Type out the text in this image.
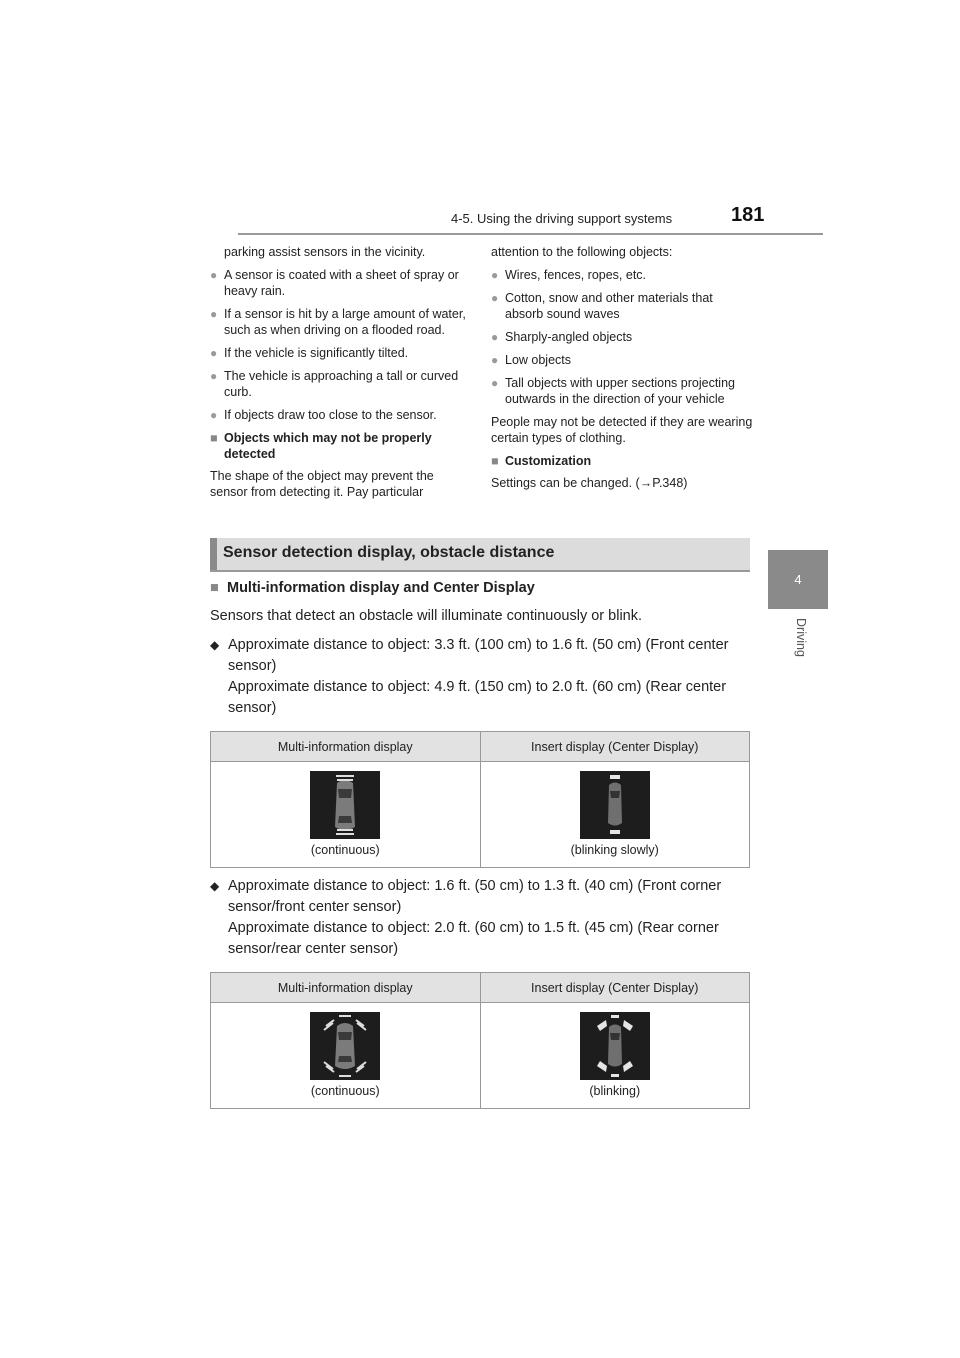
4-5. Using the driving support systems	181
4
Driving

parking assist sensors in the vicinity.

● A sensor is coated with a sheet of spray or heavy rain.
● If a sensor is hit by a large amount of water, such as when driving on a flooded road.
● If the vehicle is significantly tilted.
● The vehicle is approaching a tall or curved curb.
● If objects draw too close to the sensor.
■ Objects which may not be properly detected

The shape of the object may prevent the sensor from detecting it. Pay particular

attention to the following objects:

● Wires, fences, ropes, etc.
● Cotton, snow and other materials that absorb sound waves
● Sharply-angled objects
● Low objects
● Tall objects with upper sections projecting outwards in the direction of your vehicle

People may not be detected if they are wearing certain types of clothing.

■ Customization

Settings can be changed. (→P.348)

Sensor detection display, obstacle distance
■ Multi-information display and Center Display
Sensors that detect an obstacle will illuminate continuously or blink.
◆ Approximate distance to object: 3.3 ft. (100 cm) to 1.6 ft. (50 cm) (Front center sensor)
Approximate distance to object: 4.9 ft. (150 cm) to 2.0 ft. (60 cm) (Rear center sensor)
Multi-information display	Insert display (Center Display)

(continuous)	(blinking slowly)
◆ Approximate distance to object: 1.6 ft. (50 cm) to 1.3 ft. (40 cm) (Front corner sensor/front center sensor)
Approximate distance to object: 2.0 ft. (60 cm) to 1.5 ft. (45 cm) (Rear corner sensor/rear center sensor)
Multi-information display	Insert display (Center Display)

(continuous)	(blinking)
